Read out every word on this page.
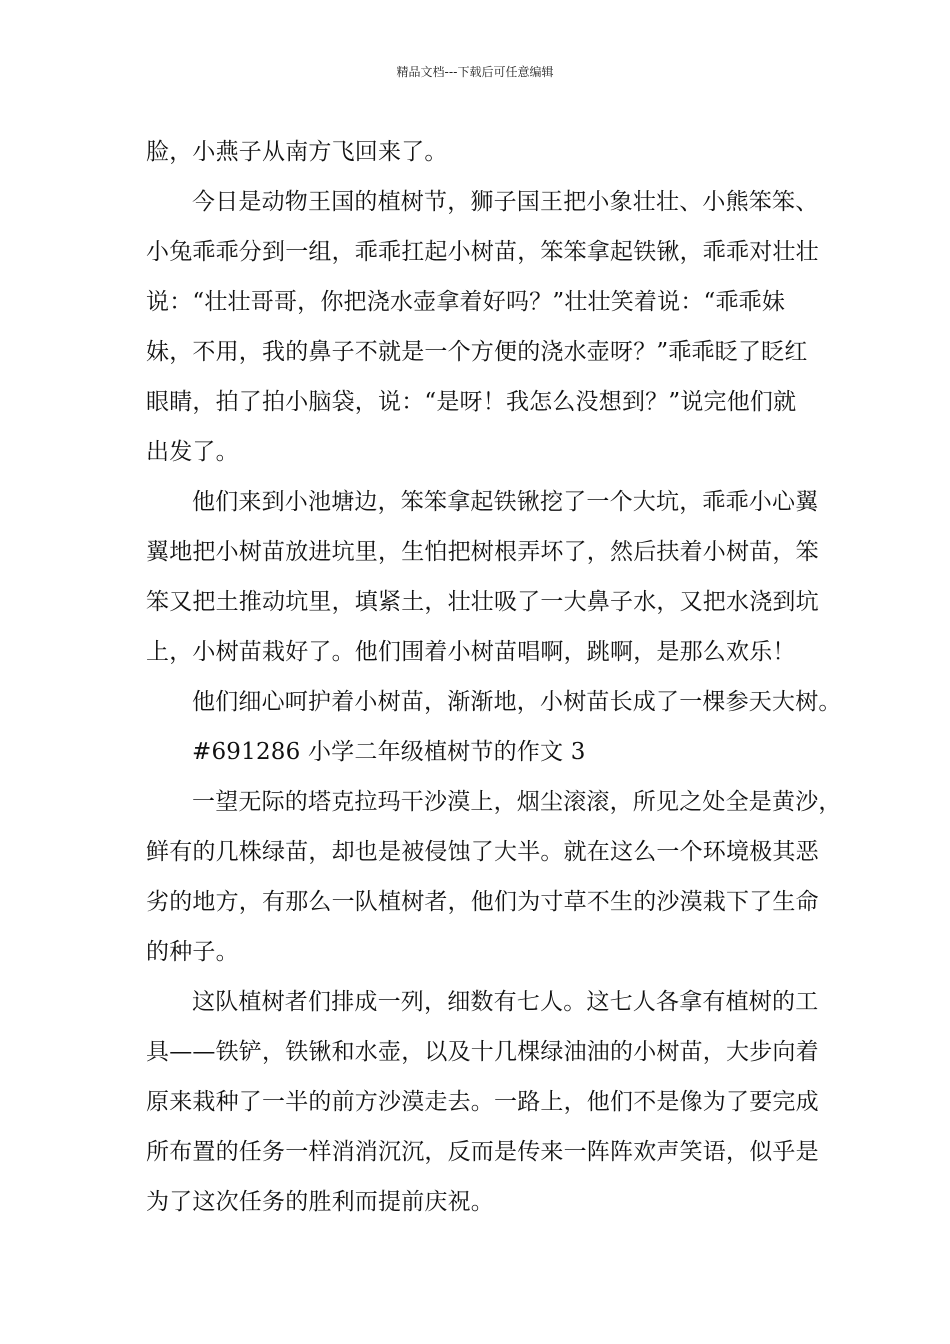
精品文档---下载后可任意编辑
脸，小燕子从南方飞回来了。
今日是动物王国的植树节，狮子国王把小象壮壮、小熊笨笨、
小兔乖乖分到一组，乖乖扛起小树苗，笨笨拿起铁锹，乖乖对壮壮
说：“壮壮哥哥，你把浇水壶拿着好吗？”壮壮笑着说：“乖乖妹
妹，不用，我的鼻子不就是一个方便的浇水壶呀？”乖乖眨了眨红
眼睛，拍了拍小脑袋，说：“是呀！我怎么没想到？”说完他们就
出发了。
他们来到小池塘边，笨笨拿起铁锹挖了一个大坑，乖乖小心翼
翼地把小树苗放进坑里，生怕把树根弄坏了，然后扶着小树苗，笨
笨又把土推动坑里，填紧土，壮壮吸了一大鼻子水，又把水浇到坑
上，小树苗栽好了。他们围着小树苗唱啊，跳啊，是那么欢乐！
他们细心呵护着小树苗，渐渐地，小树苗长成了一棵参天大树。
#691286 小学二年级植树节的作文 3
一望无际的塔克拉玛干沙漠上，烟尘滚滚，所见之处全是黄沙，
鲜有的几株绿苗，却也是被侵蚀了大半。就在这么一个环境极其恶
劣的地方，有那么一队植树者，他们为寸草不生的沙漠栽下了生命
的种子。
这队植树者们排成一列，细数有七人。这七人各拿有植树的工
具——铁铲，铁锹和水壶，以及十几棵绿油油的小树苗，大步向着
原来栽种了一半的前方沙漠走去。一路上，他们不是像为了要完成
所布置的任务一样消消沉沉，反而是传来一阵阵欢声笑语，似乎是
为了这次任务的胜利而提前庆祝。
